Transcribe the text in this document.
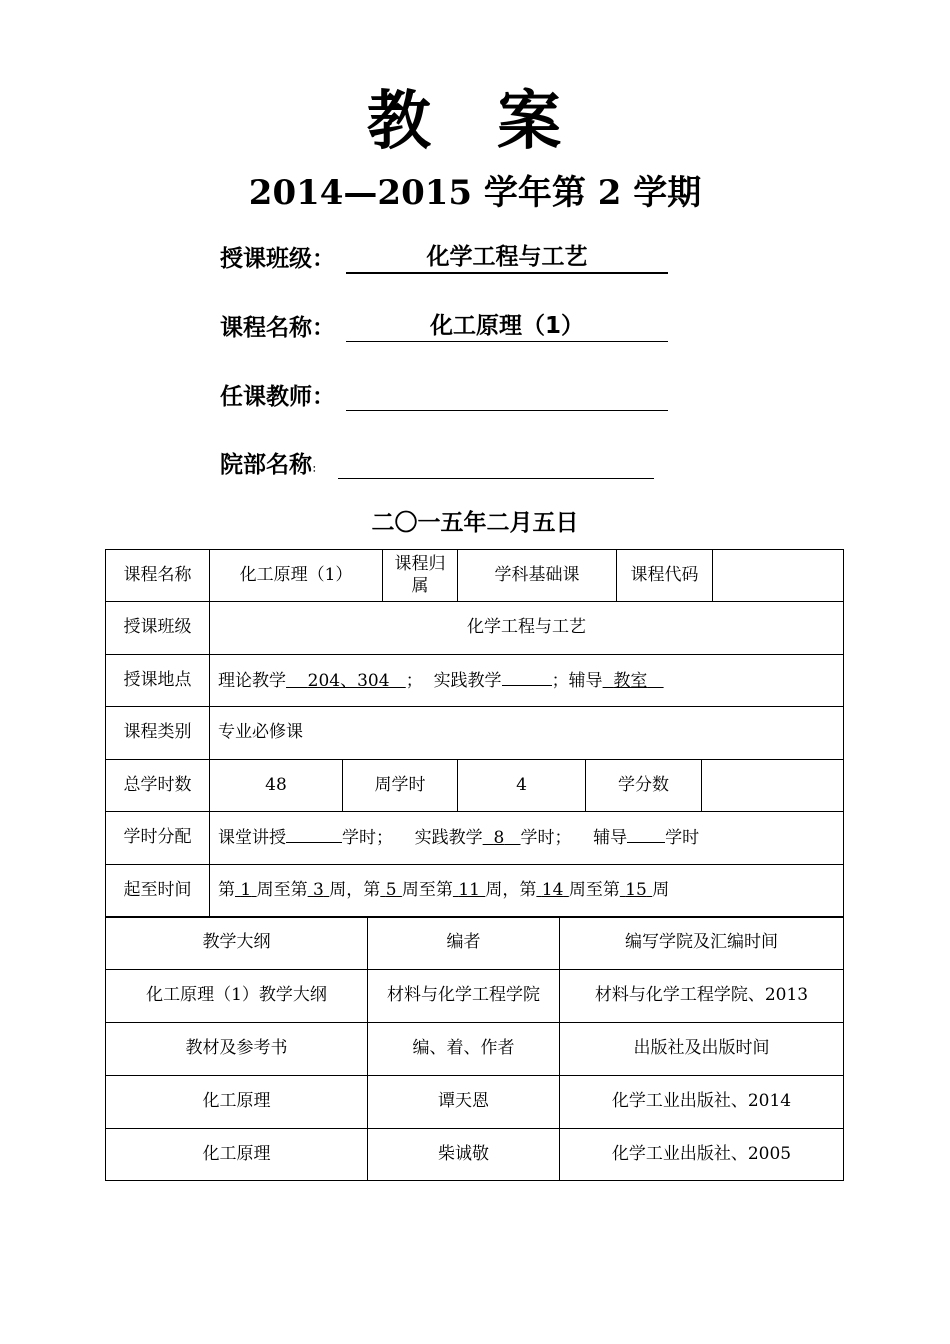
教 案
2014—2015 学年第 2 学期
授课班级：	化学工程与工艺
课程名称：	化工原理（1）
任课教师：
院部名称：
二〇一五年二月五日
课程名称	化工原理（1）		课程归属	学科基础课		课程代码		
授课班级	化学工程与工艺							
授课地点	理论教学 204、304 ； 实践教学 ；辅导 教室							
课程类别	专业必修课							
总学时数	48	周学时		4	学分数			
学时分配	课堂讲授 学时； 实践教学 8 学时； 辅导 学时							
起至时间	第 1 周至第 3 周，第 5 周至第 11 周，第 14 周至第 15 周							
教学大纲	编者	编写学院及汇编时间
化工原理（1）教学大纲	材料与化学工程学院	材料与化学工程学院、2013
教材及参考书	编、着、作者	出版社及出版时间
化工原理	谭天恩	化学工业出版社、2014
化工原理	柴诚敬	化学工业出版社、2005
